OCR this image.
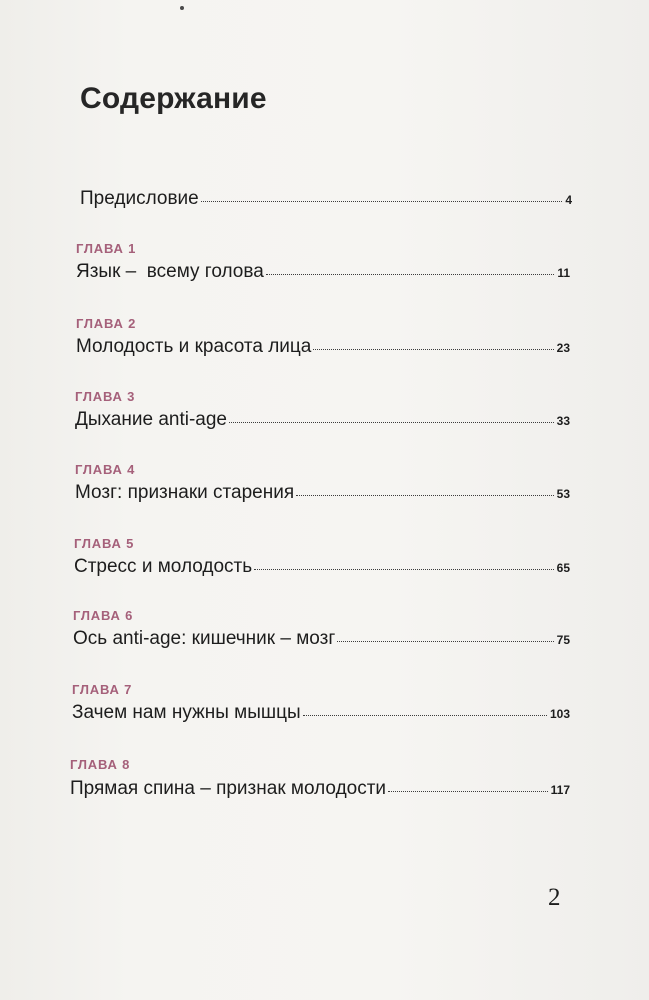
Содержание
Предисловие	4
ГЛАВА 1
Язык –  всему голова	11
ГЛАВА 2
Молодость и красота лица	23
ГЛАВА 3
Дыхание anti-age	33
ГЛАВА 4
Мозг: признаки старения	53
ГЛАВА 5
Стресс и молодость	65
ГЛАВА 6
Ось anti-age: кишечник – мозг	75
ГЛАВА 7
Зачем нам нужны мышцы	103
ГЛАВА 8
Прямая спина – признак молодости	117
2
